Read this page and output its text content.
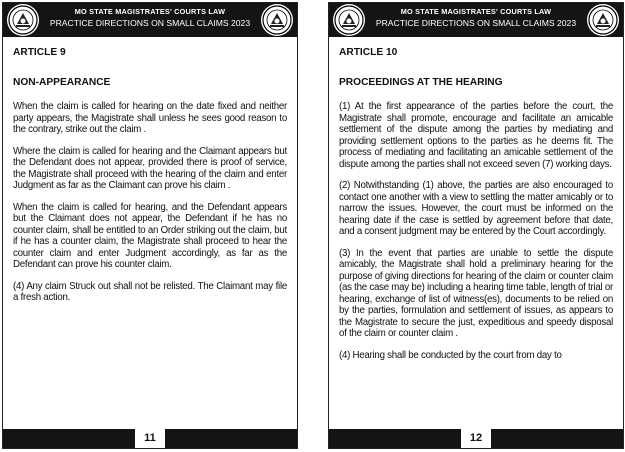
MO STATE MAGISTRATES' COURTS LAW
PRACTICE DIRECTIONS ON SMALL CLAIMS 2023
ARTICLE 9
NON-APPEARANCE

When the claim is called for hearing on the date fixed and neither party appears, the Magistrate shall unless he sees good reason to the contrary, strike out the claim .

Where the claim is called for hearing and the Claimant appears but the Defendant does not appear, provided there is proof of service, the Magistrate shall proceed with the hearing of the claim and enter Judgment as far as the Claimant can prove his claim .

When the claim is called for hearing, and the Defendant appears but the Claimant does not appear, the Defendant if he has no counter claim, shall be entitled to an Order striking out the claim, but if he has a counter claim, the Magistrate shall proceed to hear the counter claim and enter Judgment accordingly, as far as the Defendant can prove his counter claim.

(4) Any claim Struck out shall not be relisted. The Claimant may file a fresh action.

11
MO STATE MAGISTRATES' COURTS LAW
PRACTICE DIRECTIONS ON SMALL CLAIMS 2023
ARTICLE 10
PROCEEDINGS AT THE HEARING

(1) At the first appearance of the parties before the court, the Magistrate shall promote, encourage and facilitate an amicable settlement of the dispute among the parties by mediating and providing settlement options to the parties as he deems fit. The process of mediating and facilitating an amicable settlement of the dispute among the parties shall not exceed seven (7) working days.

(2) Notwithstanding (1) above, the parties are also encouraged to contact one another with a view to settling the matter amicably or to narrow the issues. However, the court must be informed on the hearing date if the case is settled by agreement before that date, and a consent judgment may be entered by the Court accordingly.

(3) In the event that parties are unable to settle the dispute amicably, the Magistrate shall hold a preliminary hearing for the purpose of giving directions for hearing of the claim or counter claim (as the case may be) including a hearing time table, length of trial or hearing, exchange of list of witness(es), documents to be relied on by the parties, formulation and settlement of issues, as appears to the Magistrate to secure the just, expeditious and speedy disposal of the claim or counter claim .

(4) Hearing shall be conducted by the court from day to

12
